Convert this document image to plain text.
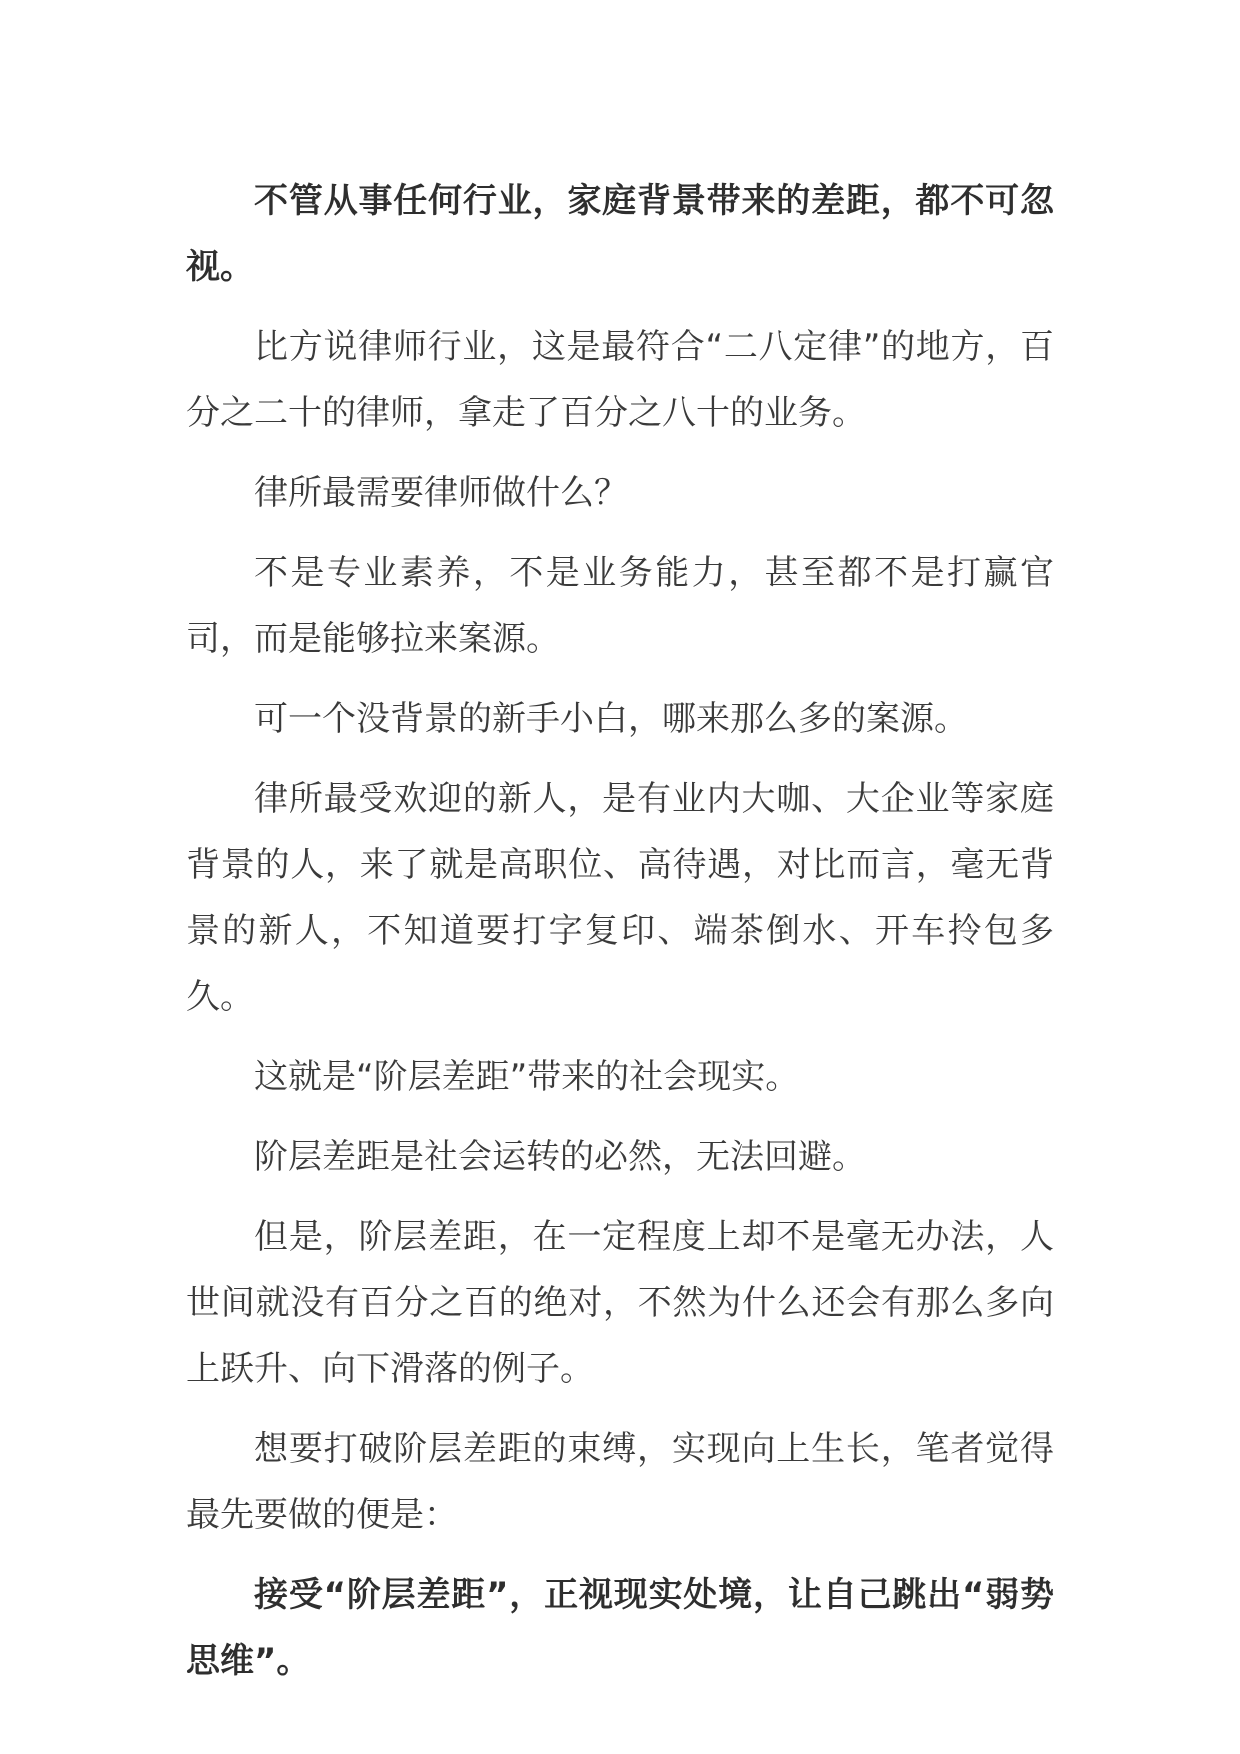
不管从事任何行业，家庭背景带来的差距，都不可忽视。

比方说律师行业，这是最符合“二八定律”的地方，百分之二十的律师，拿走了百分之八十的业务。

律所最需要律师做什么？

不是专业素养，不是业务能力，甚至都不是打赢官司，而是能够拉来案源。

可一个没背景的新手小白，哪来那么多的案源。

律所最受欢迎的新人，是有业内大咖、大企业等家庭背景的人，来了就是高职位、高待遇，对比而言，毫无背景的新人，不知道要打字复印、端茶倒水、开车拎包多久。

这就是“阶层差距”带来的社会现实。

阶层差距是社会运转的必然，无法回避。

但是，阶层差距，在一定程度上却不是毫无办法，人世间就没有百分之百的绝对，不然为什么还会有那么多向上跃升、向下滑落的例子。

想要打破阶层差距的束缚，实现向上生长，笔者觉得最先要做的便是：

接受“阶层差距”，正视现实处境，让自己跳出“弱势思维”。
